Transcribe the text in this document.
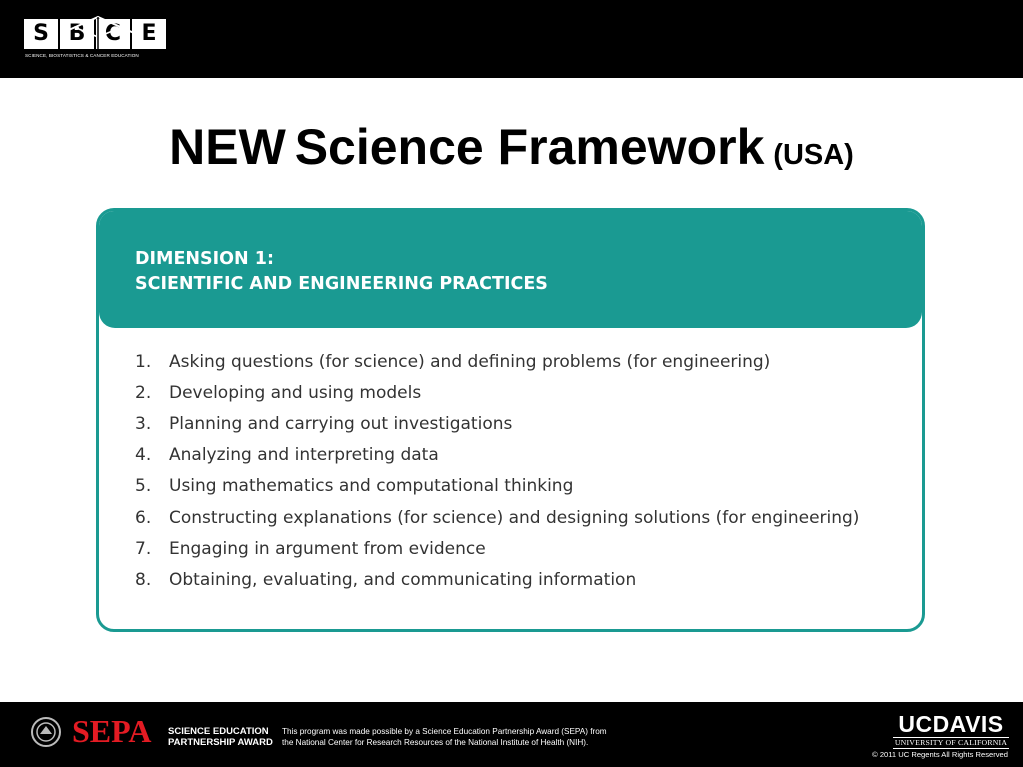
S B C E
SCIENCE, BIOSTATISTICS & CANCER EDUCATION
NEW Science Framework (USA)
DIMENSION 1:
SCIENTIFIC AND ENGINEERING PRACTICES
1.	Asking questions (for science) and defining problems (for engineering)
2.	Developing and using models
3.	Planning and carrying out investigations
4.	Analyzing and interpreting data
5.	Using mathematics and computational thinking
6.	Constructing explanations (for science) and designing solutions (for engineering)
7.	Engaging in argument from evidence
8.	Obtaining, evaluating, and communicating information
SEPA SCIENCE EDUCATION
PARTNERSHIP AWARD
This program was made possible by a Science Education Partnership Award (SEPA) from
the National Center for Research Resources of the National Institute of Health (NIH).
UCDAVIS
UNIVERSITY OF CALIFORNIA
© 2011 UC Regents All Rights Reserved
